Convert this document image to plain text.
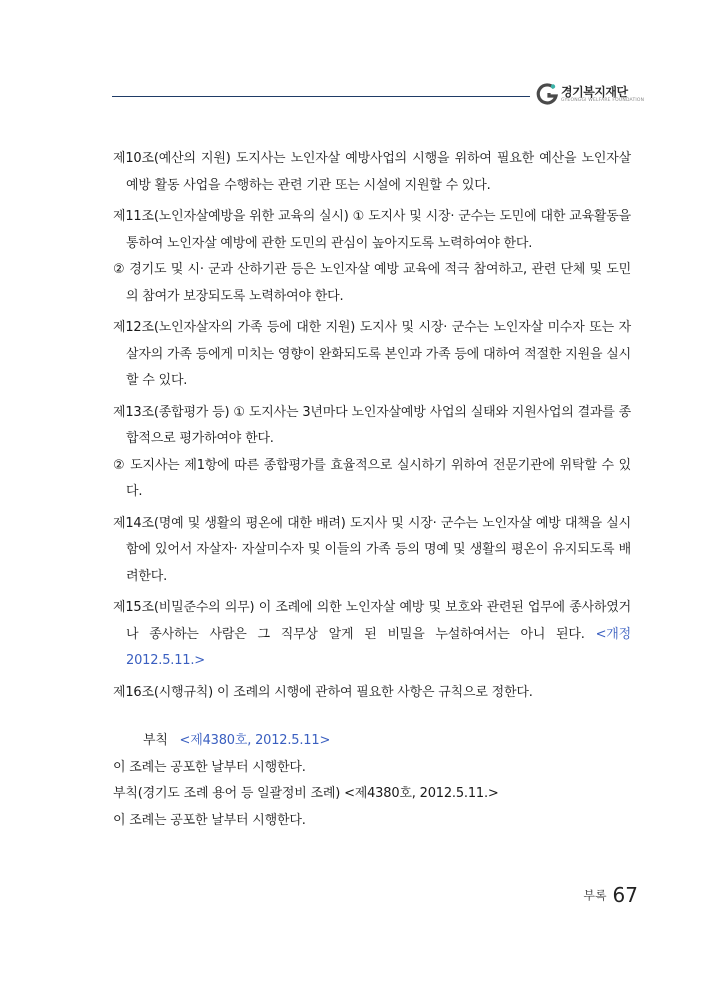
경기복지재단
GYEONGGI WELFARE FOUNDATION
제10조(예산의 지원) 도지사는 노인자살 예방사업의 시행을 위하여 필요한 예산을 노인자살 예방 활동 사업을 수행하는 관련 기관 또는 시설에 지원할 수 있다.
제11조(노인자살예방을 위한 교육의 실시) ① 도지사 및 시장· 군수는 도민에 대한 교육활동을 통하여 노인자살 예방에 관한 도민의 관심이 높아지도록 노력하여야 한다.
② 경기도 및 시· 군과 산하기관 등은 노인자살 예방 교육에 적극 참여하고, 관련 단체 및 도민의 참여가 보장되도록 노력하여야 한다.
제12조(노인자살자의 가족 등에 대한 지원) 도지사 및 시장· 군수는 노인자살 미수자 또는 자살자의 가족 등에게 미치는 영향이 완화되도록 본인과 가족 등에 대하여 적절한 지원을 실시할 수 있다.
제13조(종합평가 등) ① 도지사는 3년마다 노인자살예방 사업의 실태와 지원사업의 결과를 종합적으로 평가하여야 한다.
② 도지사는 제1항에 따른 종합평가를 효율적으로 실시하기 위하여 전문기관에 위탁할 수 있다.
제14조(명예 및 생활의 평온에 대한 배려) 도지사 및 시장· 군수는 노인자살 예방 대책을 실시함에 있어서 자살자· 자살미수자 및 이들의 가족 등의 명예 및 생활의 평온이 유지되도록 배려한다.
제15조(비밀준수의 의무) 이 조례에 의한 노인자살 예방 및 보호와 관련된 업무에 종사하였거나 종사하는 사람은 그 직무상 알게 된 비밀을 누설하여서는 아니 된다. <개정 2012.5.11.>
제16조(시행규칙) 이 조례의 시행에 관하여 필요한 사항은 규칙으로 정한다.
부칙 <제4380호, 2012.5.11>
이 조례는 공포한 날부터 시행한다.
부칙(경기도 조례 용어 등 일괄정비 조례) <제4380호, 2012.5.11.>
이 조례는 공포한 날부터 시행한다.
부록 67
